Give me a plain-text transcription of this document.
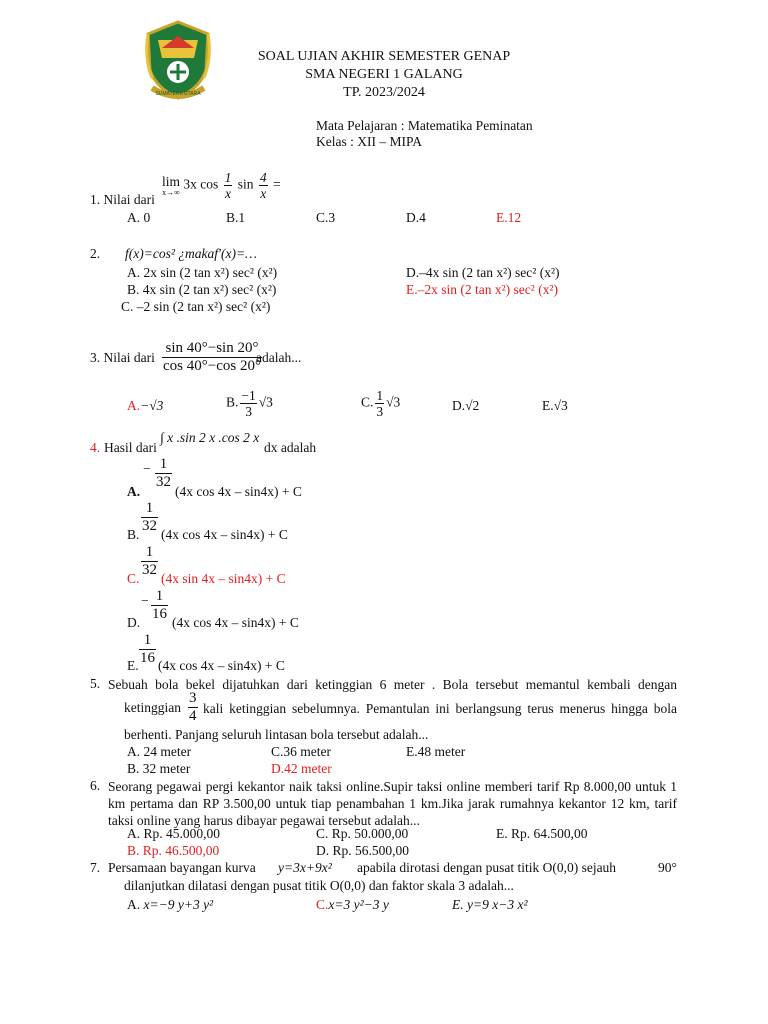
SUMATERA UTARA
SOAL UJIAN AKHIR SEMESTER GENAP
SMA NEGERI 1 GALANG
TP. 2023/2024
Mata Pelajaran : Matematika Peminatan
Kelas : XII – MIPA
1. Nilai dari
lim
x→∞
3x $\cos \frac{1}{x}$ $\sin \frac{4}{x}$ =
A. 0	B.1	C.3	D.4	E.12
2. f(x)=cos² ¿makaf′(x)=…
A. 2x sin (2 tan x²) sec² (x²)
B. 4x sin (2 tan x²) sec² (x²)
C. –2 sin (2 tan x²) sec² (x²)
D.–4x sin (2 tan x²) sec² (x²)
E.–2x sin (2 tan x²) sec² (x²)
3. Nilai dari $\frac{\sin 40^\circ-\sin 20^\circ}{\cos 40^\circ-\cos 20^\circ}$
adalah...
A.−√3	B. $\frac{-1}{3} √3$	C. $\frac{1}{3} √3$	D.√2	E.√3
4. Hasil dari
∫ x .sin 2 x .cos 2 x
dx adalah
A.
− $\frac{1}{32}$
(4x cos 4x – sin4x) + C
B. $\frac{1}{32} (4x$ cos 4x – sin4x) + C
C. $\frac{1}{32} (4x$ sin 4x – sin4x) + C
D.
− $\frac{1}{16} (4x$ cos 4x – sin4x) + C
E. $\frac{1}{16} (4x$ cos 4x – sin4x) + C
5. Sebuah bola bekel dijatuhkan dari ketinggian 6 meter . Bola tersebut memantul kembali dengan
ketinggian $\frac{3}{4}$ kali ketinggian sebelumnya. Pemantulan ini berlangsung terus menerus hingga bola
berhenti. Panjang seluruh lintasan bola tersebut adalah...
A. 24 meter	C.36 meter	E.48 meter
B. 32 meter	D.42 meter
6. Seorang pegawai pergi kekantor naik taksi online.Supir taksi online memberi tarif Rp 8.000,00 untuk 1 km pertama dan RP 3.500,00 untuk tiap penambahan 1 km.Jika jarak rumahnya kekantor 12 km, tarif taksi online yang harus dibayar pegawai tersebut adalah...
A. Rp. 45.000,00	C. Rp. 50.000,00	E. Rp. 64.500,00
B. Rp. 46.500,00	D. Rp. 56.500,00
7. Persamaan bayangan kurva y=3x+9x² apabila dirotasi dengan pusat titik O(0,0) sejauh	90°
dilanjutkan dilatasi dengan pusat titik O(0,0) dan faktor skala 3 adalah...
A. x=−9 y+3 y²	C.x=3 y²−3 y	E. y=9 x−3 x²
